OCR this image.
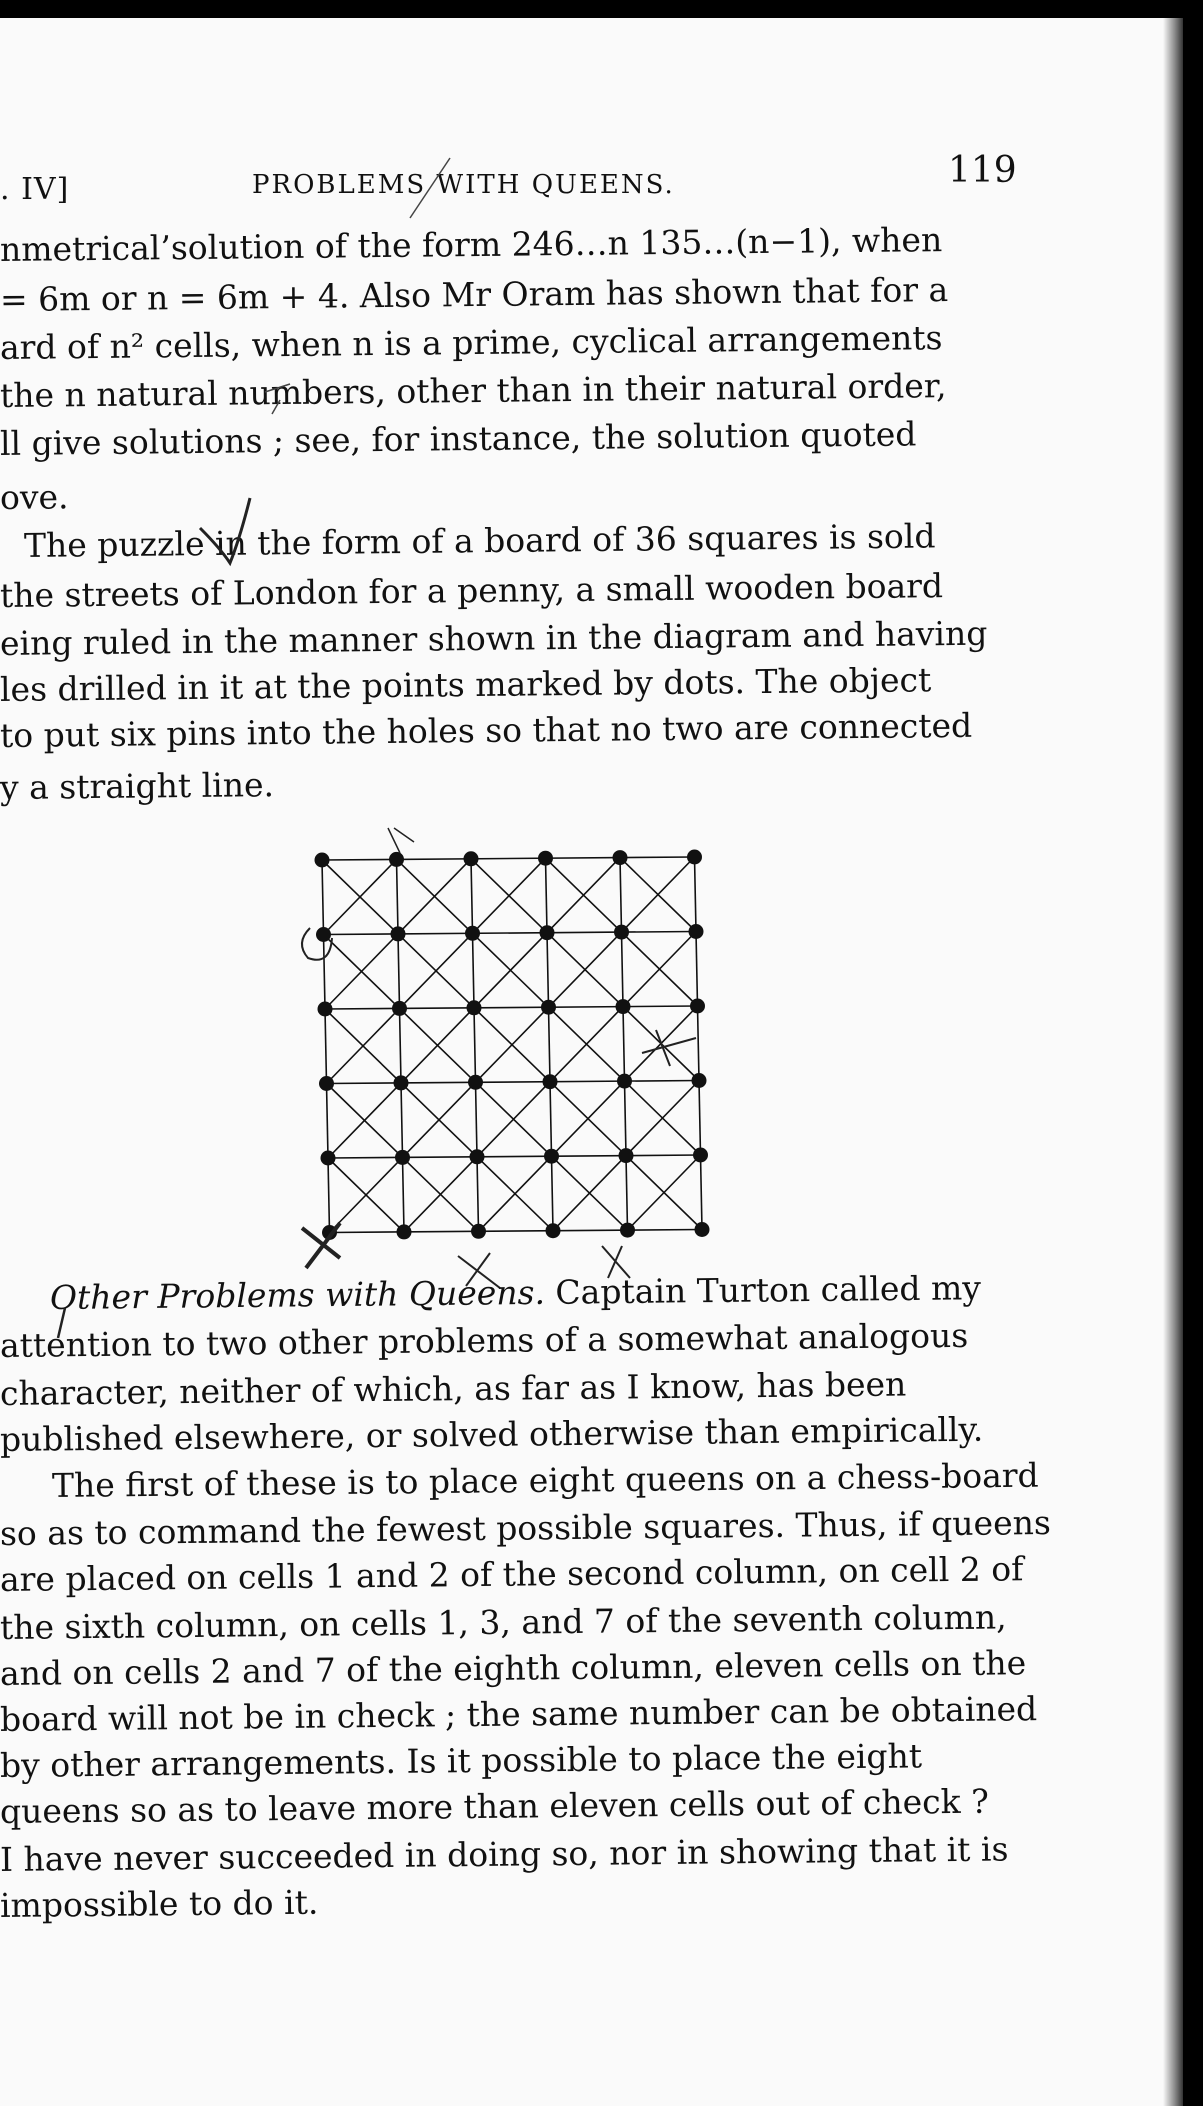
. IV]	PROBLEMS WITH QUEENS.	119
nmetrical’solution of the form 246…n 135…(n−1), when
= 6m or n = 6m + 4. Also Mr Oram has shown that for a
ard of n² cells, when n is a prime, cyclical arrangements
the n natural numbers, other than in their natural order,
ll give solutions ; see, for instance, the solution quoted
ove.
The puzzle in the form of a board of 36 squares is sold
the streets of London for a penny, a small wooden board
eing ruled in the manner shown in the diagram and having
les drilled in it at the points marked by dots. The object
to put six pins into the holes so that no two are connected
y a straight line.
Other Problems with Queens. Captain Turton called my
attention to two other problems of a somewhat analogous
character, neither of which, as far as I know, has been
published elsewhere, or solved otherwise than empirically.
The first of these is to place eight queens on a chess-board
so as to command the fewest possible squares. Thus, if queens
are placed on cells 1 and 2 of the second column, on cell 2 of
the sixth column, on cells 1, 3, and 7 of the seventh column,
and on cells 2 and 7 of the eighth column, eleven cells on the
board will not be in check ; the same number can be obtained
by other arrangements. Is it possible to place the eight
queens so as to leave more than eleven cells out of check ?
I have never succeeded in doing so, nor in showing that it is
impossible to do it.
